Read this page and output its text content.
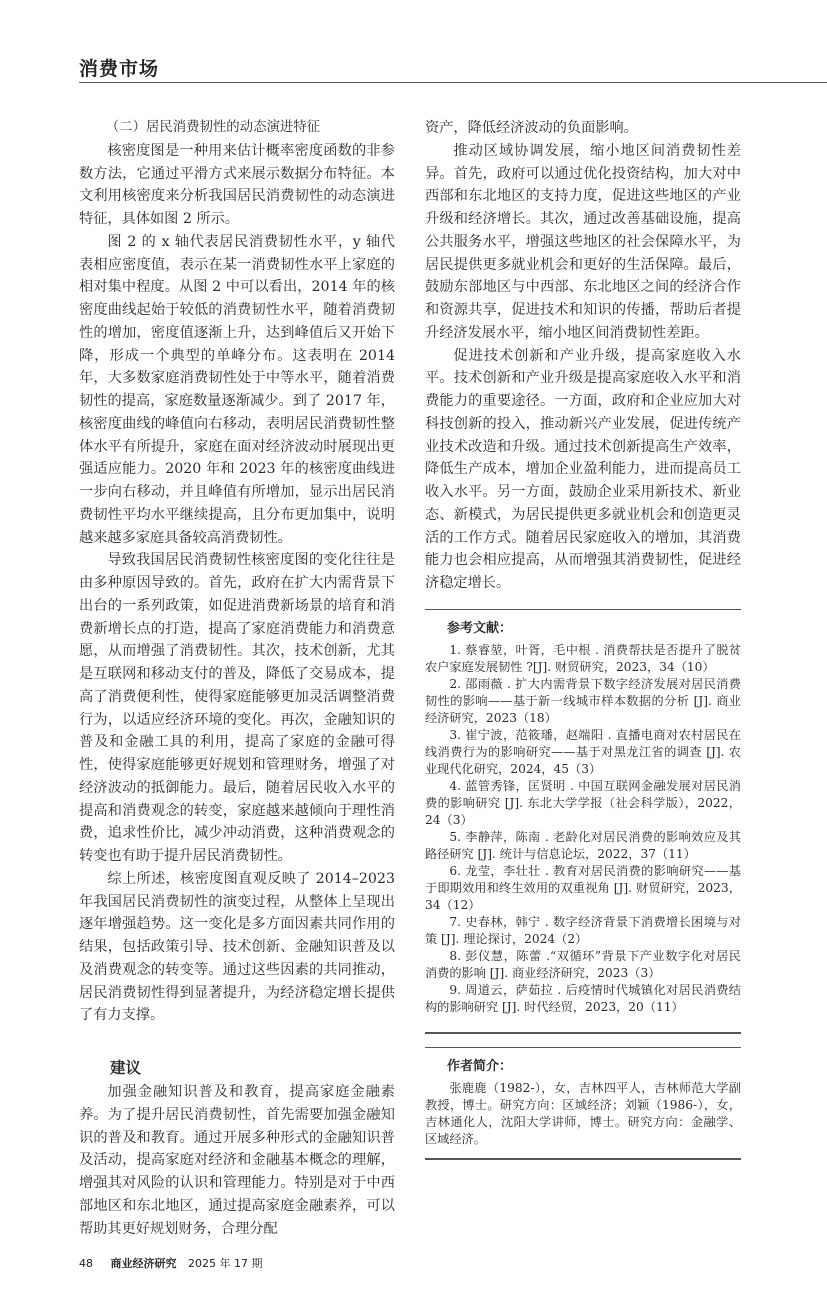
消费市场

（二）居民消费韧性的动态演进特征

核密度图是一种用来估计概率密度函数的非参数方法，它通过平滑方式来展示数据分布特征。本文利用核密度来分析我国居民消费韧性的动态演进特征，具体如图 2 所示。

图 2 的 x 轴代表居民消费韧性水平，y 轴代表相应密度值，表示在某一消费韧性水平上家庭的相对集中程度。从图 2 中可以看出，2014 年的核密度曲线起始于较低的消费韧性水平，随着消费韧性的增加，密度值逐渐上升，达到峰值后又开始下降，形成一个典型的单峰分布。这表明在 2014 年，大多数家庭消费韧性处于中等水平，随着消费韧性的提高，家庭数量逐渐减少。到了 2017 年，核密度曲线的峰值向右移动，表明居民消费韧性整体水平有所提升，家庭在面对经济波动时展现出更强适应能力。2020 年和 2023 年的核密度曲线进一步向右移动，并且峰值有所增加，显示出居民消费韧性平均水平继续提高，且分布更加集中，说明越来越多家庭具备较高消费韧性。

导致我国居民消费韧性核密度图的变化往往是由多种原因导致的。首先，政府在扩大内需背景下出台的一系列政策，如促进消费新场景的培育和消费新增长点的打造，提高了家庭消费能力和消费意愿，从而增强了消费韧性。其次，技术创新，尤其是互联网和移动支付的普及，降低了交易成本，提高了消费便利性，使得家庭能够更加灵活调整消费行为，以适应经济环境的变化。再次，金融知识的普及和金融工具的利用，提高了家庭的金融可得性，使得家庭能够更好规划和管理财务，增强了对经济波动的抵御能力。最后，随着居民收入水平的提高和消费观念的转变，家庭越来越倾向于理性消费，追求性价比，减少冲动消费，这种消费观念的转变也有助于提升居民消费韧性。

综上所述，核密度图直观反映了 2014–2023 年我国居民消费韧性的演变过程，从整体上呈现出逐年增强趋势。这一变化是多方面因素共同作用的结果，包括政策引导、技术创新、金融知识普及以及消费观念的转变等。通过这些因素的共同推动，居民消费韧性得到显著提升，为经济稳定增长提供了有力支撑。

建议

加强金融知识普及和教育，提高家庭金融素养。为了提升居民消费韧性，首先需要加强金融知识的普及和教育。通过开展多种形式的金融知识普及活动，提高家庭对经济和金融基本概念的理解，增强其对风险的认识和管理能力。特别是对于中西部地区和东北地区，通过提高家庭金融素养，可以帮助其更好规划财务，合理分配

资产，降低经济波动的负面影响。

推动区域协调发展，缩小地区间消费韧性差异。首先，政府可以通过优化投资结构，加大对中西部和东北地区的支持力度，促进这些地区的产业升级和经济增长。其次，通过改善基础设施，提高公共服务水平，增强这些地区的社会保障水平，为居民提供更多就业机会和更好的生活保障。最后，鼓励东部地区与中西部、东北地区之间的经济合作和资源共享，促进技术和知识的传播，帮助后者提升经济发展水平，缩小地区间消费韧性差距。

促进技术创新和产业升级，提高家庭收入水平。技术创新和产业升级是提高家庭收入水平和消费能力的重要途径。一方面，政府和企业应加大对科技创新的投入，推动新兴产业发展，促进传统产业技术改造和升级。通过技术创新提高生产效率，降低生产成本，增加企业盈利能力，进而提高员工收入水平。另一方面，鼓励企业采用新技术、新业态、新模式，为居民提供更多就业机会和创造更灵活的工作方式。随着居民家庭收入的增加，其消费能力也会相应提高，从而增强其消费韧性，促进经济稳定增长。

参考文献：

1. 蔡睿堃，叶胥，毛中根 . 消费帮扶是否提升了脱贫农户家庭发展韧性 ?[J]. 财贸研究，2023，34（10）

2. 邵雨薇 . 扩大内需背景下数字经济发展对居民消费韧性的影响——基于新一线城市样本数据的分析 [J]. 商业经济研究，2023（18）

3. 崔宁波，范筱璠，赵端阳 . 直播电商对农村居民在线消费行为的影响研究——基于对黑龙江省的调查 [J]. 农业现代化研究，2024，45（3）

4. 蓝管秀锋，匡贤明 . 中国互联网金融发展对居民消费的影响研究 [J]. 东北大学学报（社会科学版），2022，24（3）

5. 李静萍，陈南 . 老龄化对居民消费的影响效应及其路径研究 [J]. 统计与信息论坛，2022，37（11）

6. 龙莹，李壮壮 . 教育对居民消费的影响研究——基于即期效用和终生效用的双重视角 [J]. 财贸研究，2023，34（12）

7. 史春林，韩宁 . 数字经济背景下消费增长困境与对策 [J]. 理论探讨，2024（2）

8. 彭仪慧，陈蕾 .“双循环”背景下产业数字化对居民消费的影响 [J]. 商业经济研究，2023（3）

9. 周道云，萨茹拉 . 后疫情时代城镇化对居民消费结构的影响研究 [J]. 时代经贸，2023，20（11）

作者简介：

张鹿鹿（1982-），女，吉林四平人，吉林师范大学副教授，博士。研究方向：区域经济；刘颖（1986-），女，吉林通化人，沈阳大学讲师，博士。研究方向：金融学、区域经济。

48 商业经济研究 2025 年 17 期
